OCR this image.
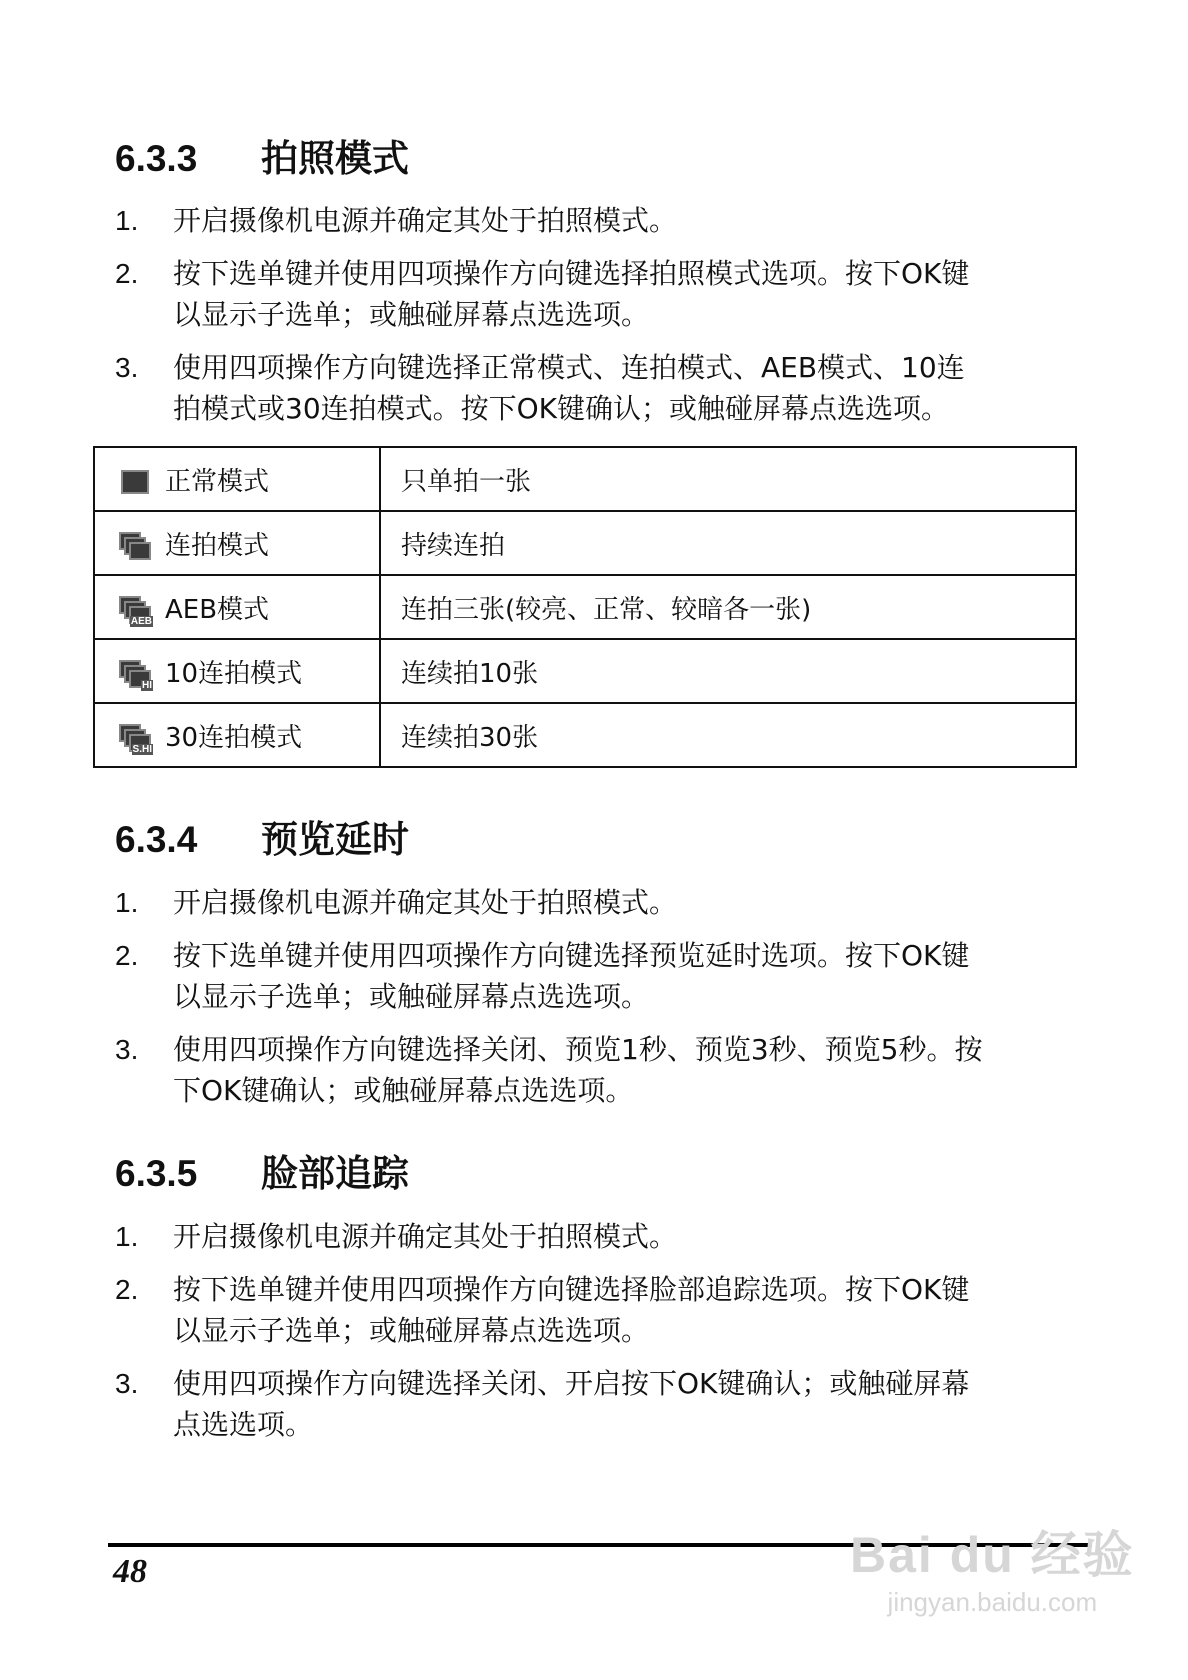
6.3.3 拍照模式
1. 开启摄像机电源并确定其处于拍照模式。
2. 按下选单键并使用四项操作方向键选择拍照模式选项。按下OK键
以显示子选单；或触碰屏幕点选选项。
3. 使用四项操作方向键选择正常模式、连拍模式、AEB模式、10连
拍模式或30连拍模式。按下OK键确认；或触碰屏幕点选选项。
6.3.4 预览延时
1. 开启摄像机电源并确定其处于拍照模式。
2. 按下选单键并使用四项操作方向键选择预览延时选项。按下OK键
以显示子选单；或触碰屏幕点选选项。
3. 使用四项操作方向键选择关闭、预览1秒、预览3秒、预览5秒。按
下OK键确认；或触碰屏幕点选选项。
6.3.5 脸部追踪
1. 开启摄像机电源并确定其处于拍照模式。
2. 按下选单键并使用四项操作方向键选择脸部追踪选项。按下OK键
以显示子选单；或触碰屏幕点选选项。
3. 使用四项操作方向键选择关闭、开启按下OK键确认；或触碰屏幕
点选选项。
正常模式	只单拍一张

连拍模式	持续连拍

AEB AEB模式	连拍三张(较亮、正常、较暗各一张)

HI 10连拍模式	连续拍10张

S.HI 30连拍模式	连续拍30张
48	Bai du 经验
jingyan.baidu.com
